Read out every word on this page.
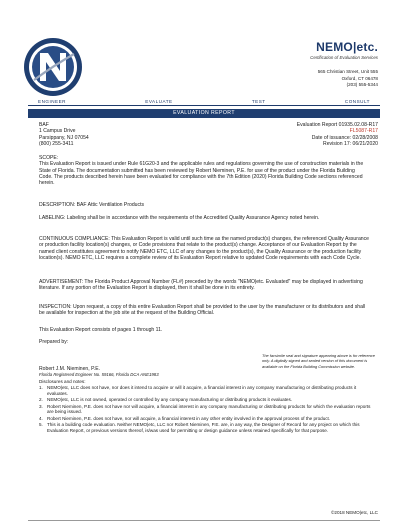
NEMO|etc.
Certification of Evaluation Services
565 Christian Street, Unit 555
Oxford, CT 06478
(203) 555-5344
ENGINEER	EVALUATE	TEST	CONSULT
EVALUATION REPORT
BAF
1 Campus Drive
Parsippany, NJ 07054
(800) 255-3411
Evaluation Report 01935.02.08-R17
FL5087-R17
Date of issuance: 02/28/2008
Revision 17: 06/21/2020

SCOPE:

This Evaluation Report is issued under Rule 61G20-3 and the applicable rules and regulations governing the use of construction materials in the State of Florida. The documentation submitted has been reviewed by Robert Nieminen, P.E. for use of the product under the Florida Building Code. The products described herein have been evaluated for compliance with the 7th Edition (2020) Florida Building Code sections referenced herein.

DESCRIPTION: BAF Attic Ventilation Products

LABELING: Labeling shall be in accordance with the requirements of the Accredited Quality Assurance Agency noted herein.

CONTINUOUS COMPLIANCE: This Evaluation Report is valid until such time as the named product(s) changes, the referenced Quality Assurance or production facility location(s) changes, or Code provisions that relate to the product(s) change. Acceptance of our Evaluation Report by the named client constitutes agreement to notify NEMO ETC, LLC of any changes to the product(s), the Quality Assurance or the production facility location(s). NEMO ETC, LLC requires a complete review of its Evaluation Report relative to updated Code requirements with each Code Cycle.

ADVERTISEMENT: The Florida Product Approval Number (FL#) preceded by the words "NEMO|etc. Evaluated" may be displayed in advertising literature. If any portion of the Evaluation Report is displayed, then it shall be done in its entirety.

INSPECTION: Upon request, a copy of this entire Evaluation Report shall be provided to the user by the manufacturer or its distributors and shall be available for inspection at the job site at the request of the Building Official.

This Evaluation Report consists of pages 1 through 11.

Prepared by:

Robert J.M. Nieminen, P.E.
Florida Registered Engineer No. 59166, Florida DCA ANE1983
The facsimile seal and signature appearing above is for reference only. A digitally signed and sealed version of this document is available on the Florida Building Commission website.
Disclosures and notes:
1. NEMO|etc, LLC does not have, nor does it intend to acquire or will it acquire, a financial interest in any company manufacturing or distributing products it evaluates.
2. NEMO|etc, LLC is not owned, operated or controlled by any company manufacturing or distributing products it evaluates.
3. Robert Nieminen, P.E. does not have nor will acquire, a financial interest in any company manufacturing or distributing products for which the evaluation reports are being issued.
4. Robert Nieminen, P.E. does not have, nor will acquire, a financial interest in any other entity involved in the approval process of the product.
5. This is a building code evaluation. Neither NEMO|etc, LLC nor Robert Nieminen, P.E. are, in any way, the Designer of Record for any project on which this Evaluation Report, or previous versions thereof, is/was used for permitting or design guidance unless retained specifically for that purpose.
©2018 NEMO|etc, LLC
